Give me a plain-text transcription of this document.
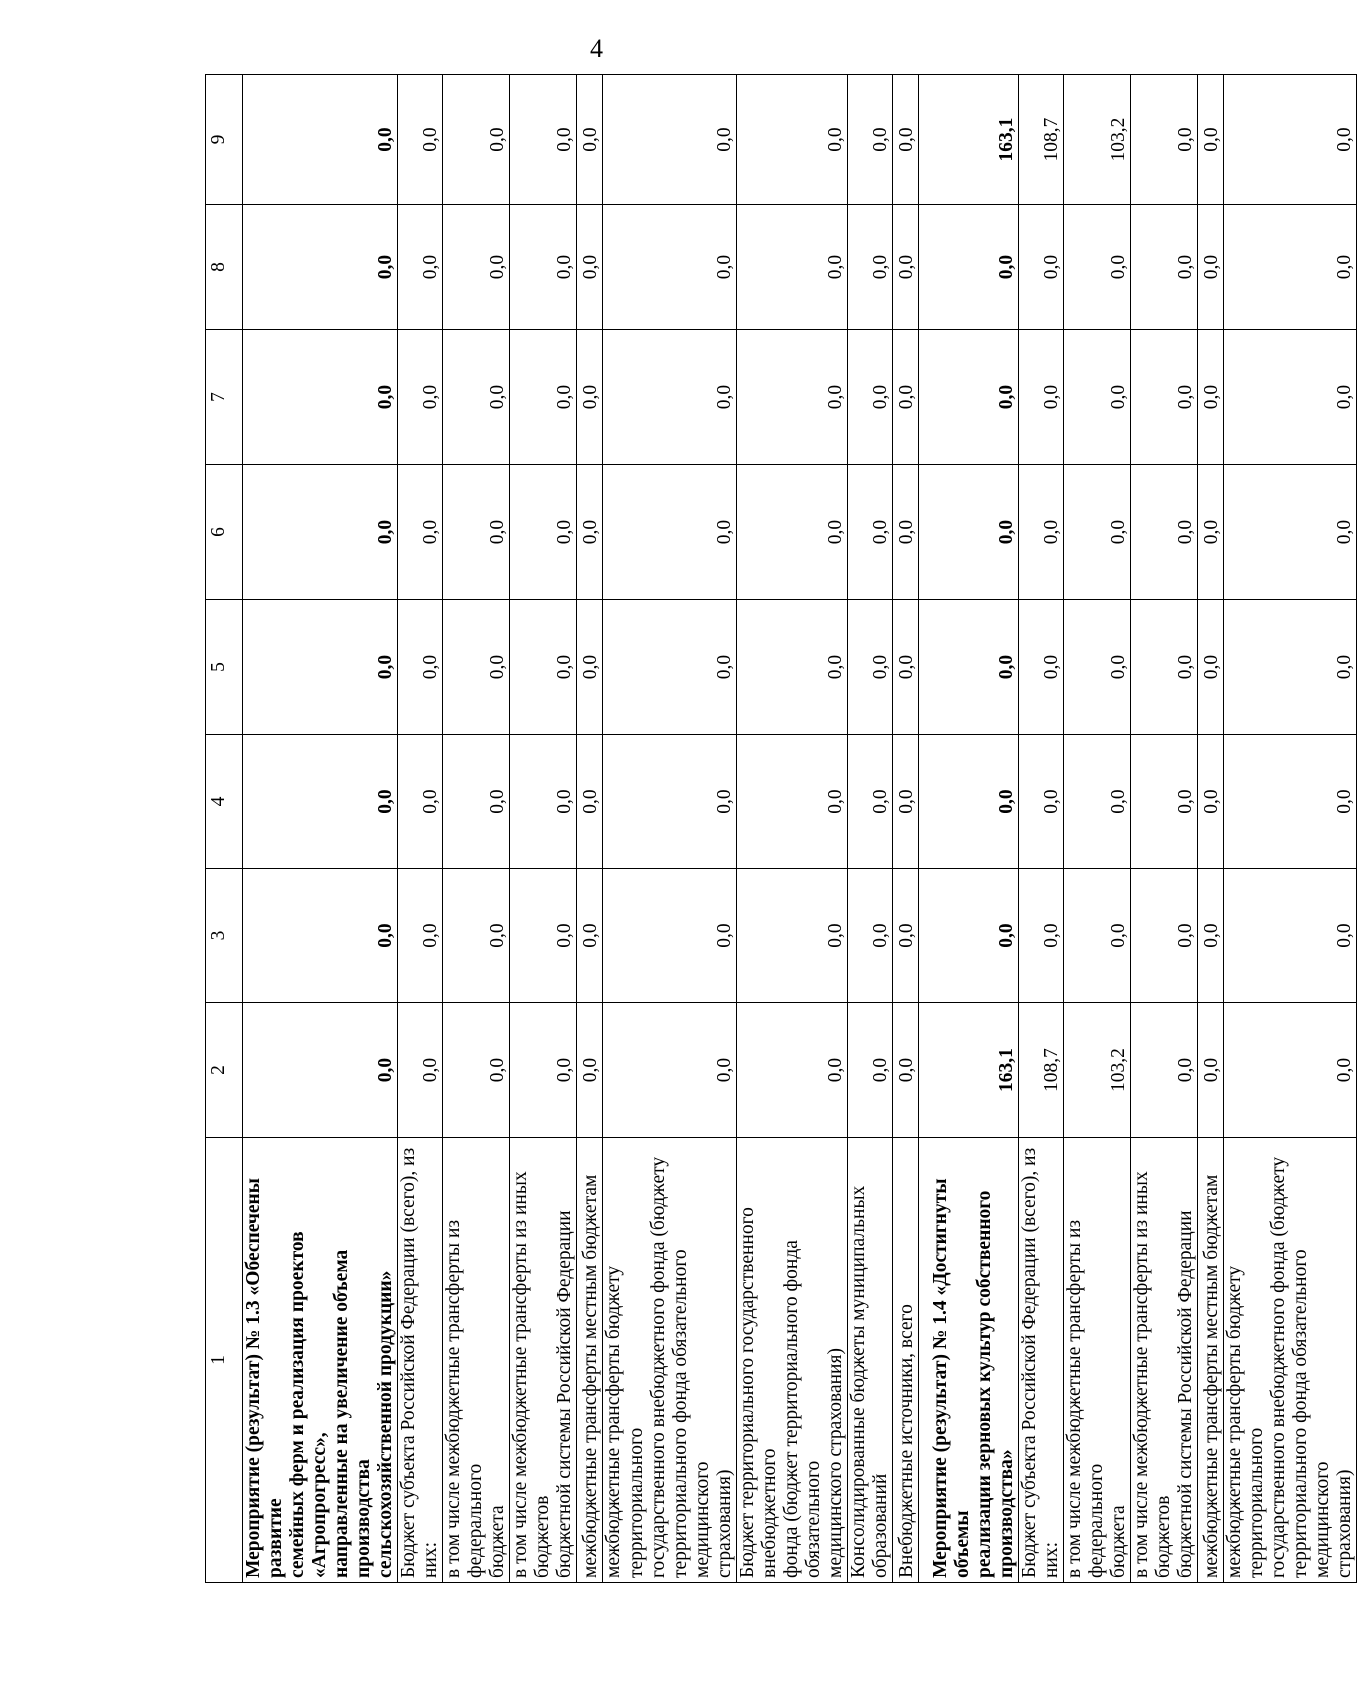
4
1	2	3	4	5	6	7	8	9
Мероприятие (результат) № 1.3 «Обеспечены развитие
семейных ферм и реализация проектов «Агропрогресс»,
направленные на увеличение объема производства
сельскохозяйственной продукции»	0,0	0,0	0,0	0,0	0,0	0,0	0,0	0,0
Бюджет субъекта Российской Федерации (всего), из них:	0,0	0,0	0,0	0,0	0,0	0,0	0,0	0,0
в том числе межбюджетные трансферты из федерального
бюджета	0,0	0,0	0,0	0,0	0,0	0,0	0,0	0,0
в том числе межбюджетные трансферты из иных бюджетов
бюджетной системы Российской Федерации	0,0	0,0	0,0	0,0	0,0	0,0	0,0	0,0
межбюджетные трансферты местным бюджетам	0,0	0,0	0,0	0,0	0,0	0,0	0,0	0,0
межбюджетные трансферты бюджету территориального
государственного внебюджетного фонда (бюджету
территориального фонда обязательного медицинского
страхования)	0,0	0,0	0,0	0,0	0,0	0,0	0,0	0,0
Бюджет территориального государственного внебюджетного
фонда (бюджет территориального фонда обязательного
медицинского страхования)	0,0	0,0	0,0	0,0	0,0	0,0	0,0	0,0
Консолидированные бюджеты муниципальных образований	0,0	0,0	0,0	0,0	0,0	0,0	0,0	0,0
Внебюджетные источники, всего	0,0	0,0	0,0	0,0	0,0	0,0	0,0	0,0
Мероприятие (результат) № 1.4 «Достигнуты объемы
реализации зерновых культур собственного
производства»	163,1	0,0	0,0	0,0	0,0	0,0	0,0	163,1
Бюджет субъекта Российской Федерации (всего), из них:	108,7	0,0	0,0	0,0	0,0	0,0	0,0	108,7
в том числе межбюджетные трансферты из федерального
бюджета	103,2	0,0	0,0	0,0	0,0	0,0	0,0	103,2
в том числе межбюджетные трансферты из иных бюджетов
бюджетной системы Российской Федерации	0,0	0,0	0,0	0,0	0,0	0,0	0,0	0,0
межбюджетные трансферты местным бюджетам	0,0	0,0	0,0	0,0	0,0	0,0	0,0	0,0
межбюджетные трансферты бюджету территориального
государственного внебюджетного фонда (бюджету
территориального фонда обязательного медицинского
страхования)	0,0	0,0	0,0	0,0	0,0	0,0	0,0	0,0
